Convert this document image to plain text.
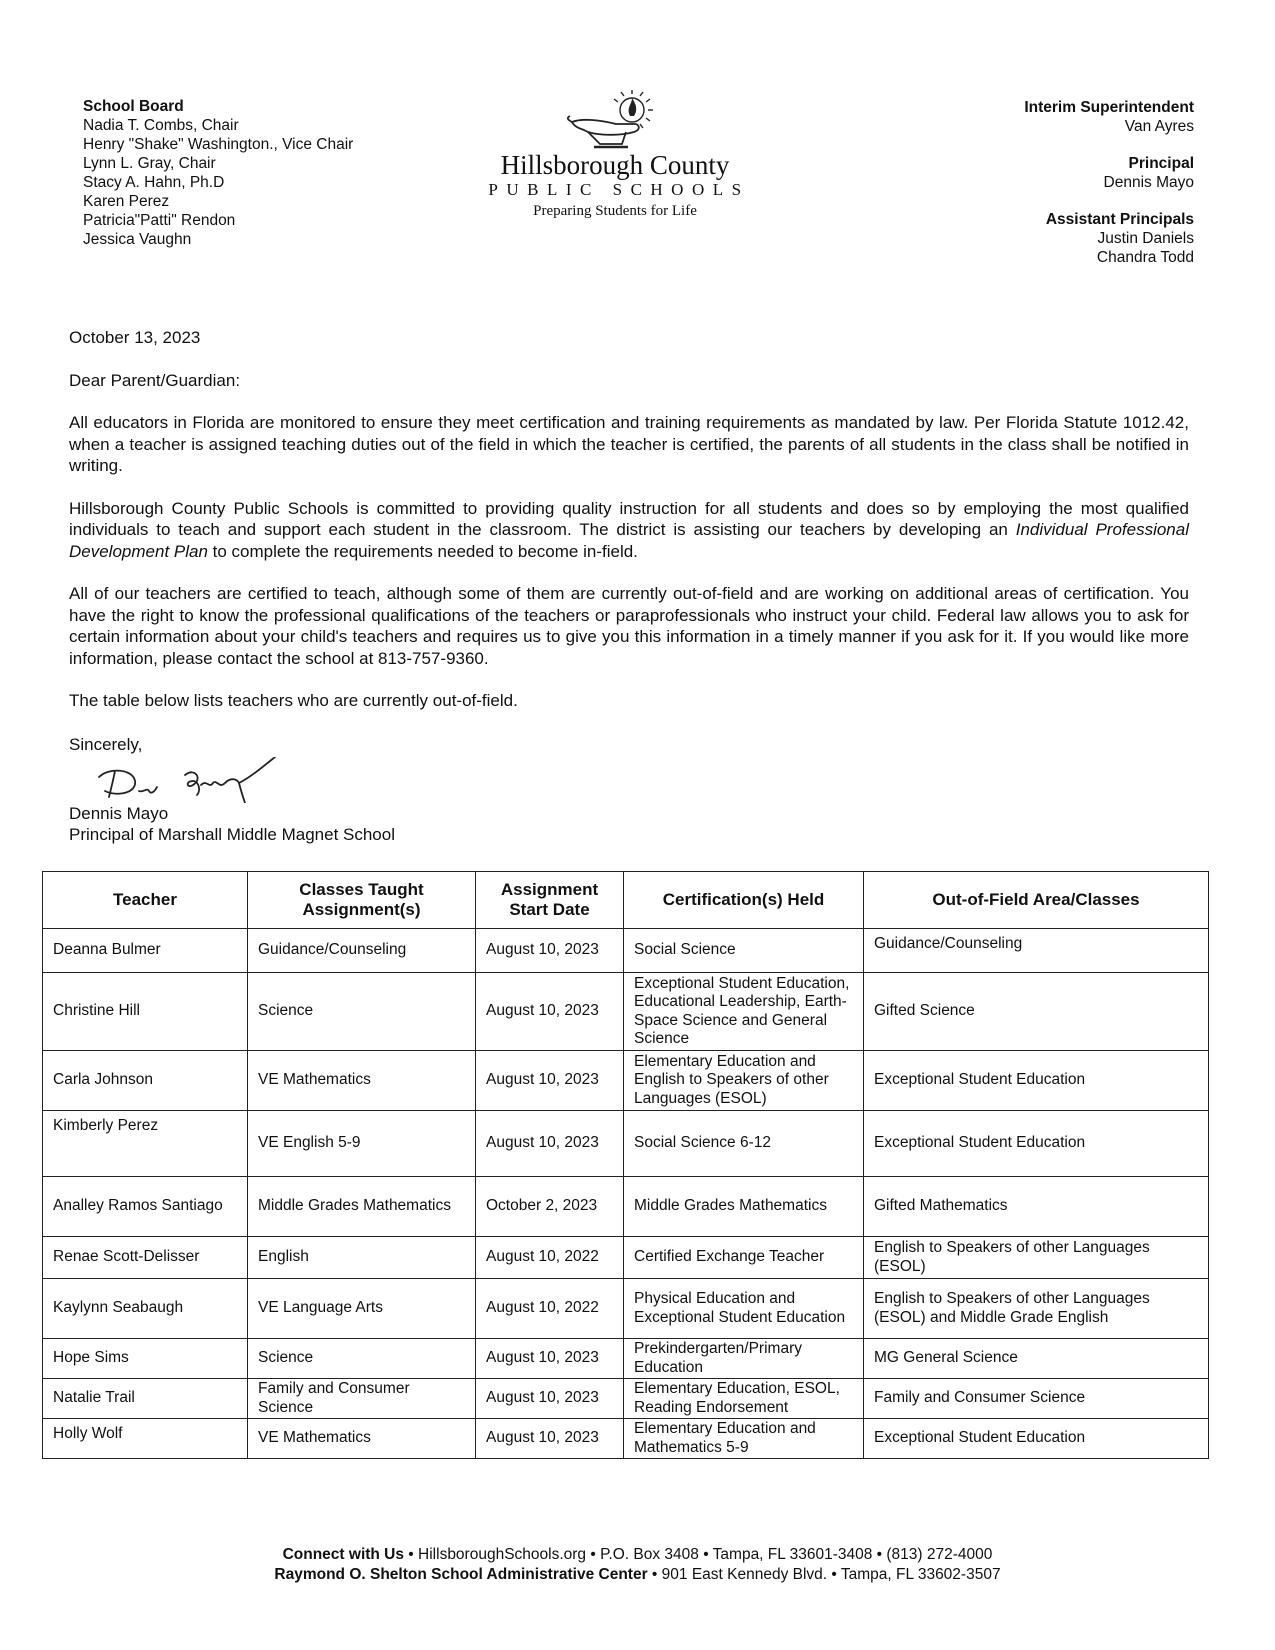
School Board
Nadia T. Combs, Chair
Henry "Shake" Washington., Vice Chair
Lynn L. Gray, Chair
Stacy A. Hahn, Ph.D
Karen Perez
Patricia"Patti" Rendon
Jessica Vaughn
Hillsborough County
PUBLIC SCHOOLS
Preparing Students for Life
Interim Superintendent
Van Ayres
Principal
Dennis Mayo
Assistant Principals
Justin Daniels
Chandra Todd

October 13, 2023

Dear Parent/Guardian:

All educators in Florida are monitored to ensure they meet certification and training requirements as mandated by law. Per Florida Statute 1012.42, when a teacher is assigned teaching duties out of the field in which the teacher is certified, the parents of all students in the class shall be notified in writing.

Hillsborough County Public Schools is committed to providing quality instruction for all students and does so by employing the most qualified individuals to teach and support each student in the classroom. The district is assisting our teachers by developing an Individual Professional Development Plan to complete the requirements needed to become in-field.

All of our teachers are certified to teach, although some of them are currently out-of-field and are working on additional areas of certification. You have the right to know the professional qualifications of the teachers or paraprofessionals who instruct your child. Federal law allows you to ask for certain information about your child's teachers and requires us to give you this information in a timely manner if you ask for it. If you would like more information, please contact the school at 813-757-9360.

The table below lists teachers who are currently out-of-field.

Sincerely,

Dennis Mayo
Principal of Marshall Middle Magnet School
Teacher	Classes Taught Assignment(s)	Assignment Start Date	Certification(s) Held	Out-of-Field Area/Classes
Deanna Bulmer	Guidance/Counseling	August 10, 2023	Social Science	Guidance/Counseling
Christine Hill	Science	August 10, 2023	Exceptional Student Education, Educational Leadership, Earth-Space Science and General Science	Gifted Science
Carla Johnson	VE Mathematics	August 10, 2023	Elementary Education and English to Speakers of other Languages (ESOL)	Exceptional Student Education
Kimberly Perez	VE English 5-9	August 10, 2023	Social Science 6-12	Exceptional Student Education
Analley Ramos Santiago	Middle Grades Mathematics	October 2, 2023	Middle Grades Mathematics	Gifted Mathematics
Renae Scott-Delisser	English	August 10, 2022	Certified Exchange Teacher	English to Speakers of other Languages (ESOL)
Kaylynn Seabaugh	VE Language Arts	August 10, 2022	Physical Education and Exceptional Student Education	English to Speakers of other Languages (ESOL) and Middle Grade English
Hope Sims	Science	August 10, 2023	Prekindergarten/Primary Education	MG General Science
Natalie Trail	Family and Consumer Science	August 10, 2023	Elementary Education, ESOL, Reading Endorsement	Family and Consumer Science
Holly Wolf	VE Mathematics	August 10, 2023	Elementary Education and Mathematics 5-9	Exceptional Student Education
Connect with Us • HillsboroughSchools.org • P.O. Box 3408 • Tampa, FL 33601-3408 • (813) 272-4000
Raymond O. Shelton School Administrative Center • 901 East Kennedy Blvd. • Tampa, FL 33602-3507
